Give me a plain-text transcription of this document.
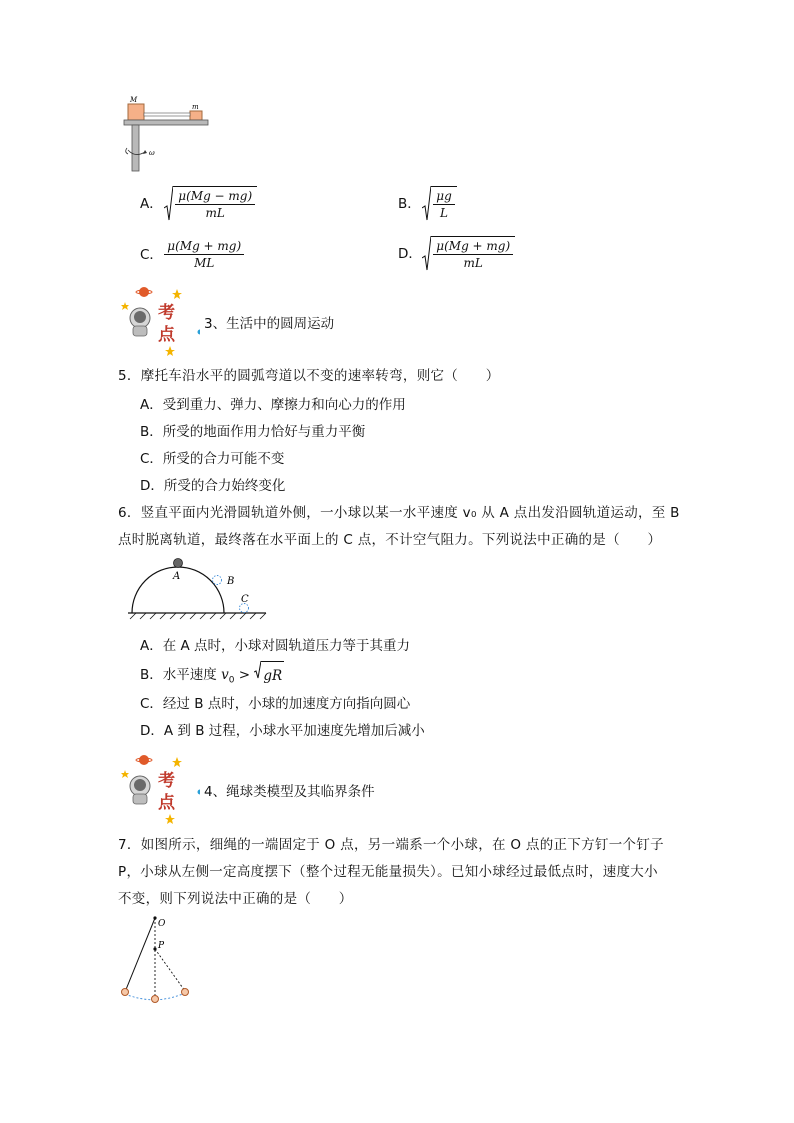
M
m
ω
A． $\frac{\mu(Mg - mg)}{mL}$	B． $\frac{\mu g}{L}$
C． $\frac{\mu(Mg + mg)}{ML}$	D． $\frac{\mu(Mg + mg)}{mL}$
考
点
3、生活中的圆周运动
5．摩托车沿水平的圆弧弯道以不变的速率转弯，则它（　　）
A．受到重力、弹力、摩擦力和向心力的作用
B．所受的地面作用力恰好与重力平衡
C．所受的合力可能不变
D．所受的合力始终变化
6．竖直平面内光滑圆轨道外侧，一小球以某一水平速度 v₀ 从 A 点出发沿圆轨道运动，至 B
点时脱离轨道，最终落在水平面上的 C 点，不计空气阻力。下列说法中正确的是（　　）
A	B
C
A．在 A 点时，小球对圆轨道压力等于其重力
B．水平速度 $v_0$ > gR
C．经过 B 点时，小球的加速度方向指向圆心
D．A 到 B 过程，小球水平加速度先增加后减小
考
点
4、绳球类模型及其临界条件
7．如图所示，细绳的一端固定于 O 点，另一端系一个小球，在 O 点的正下方钉一个钉子
P，小球从左侧一定高度摆下（整个过程无能量损失）。已知小球经过最低点时，速度大小
不变，则下列说法中正确的是（　　）
O
P
